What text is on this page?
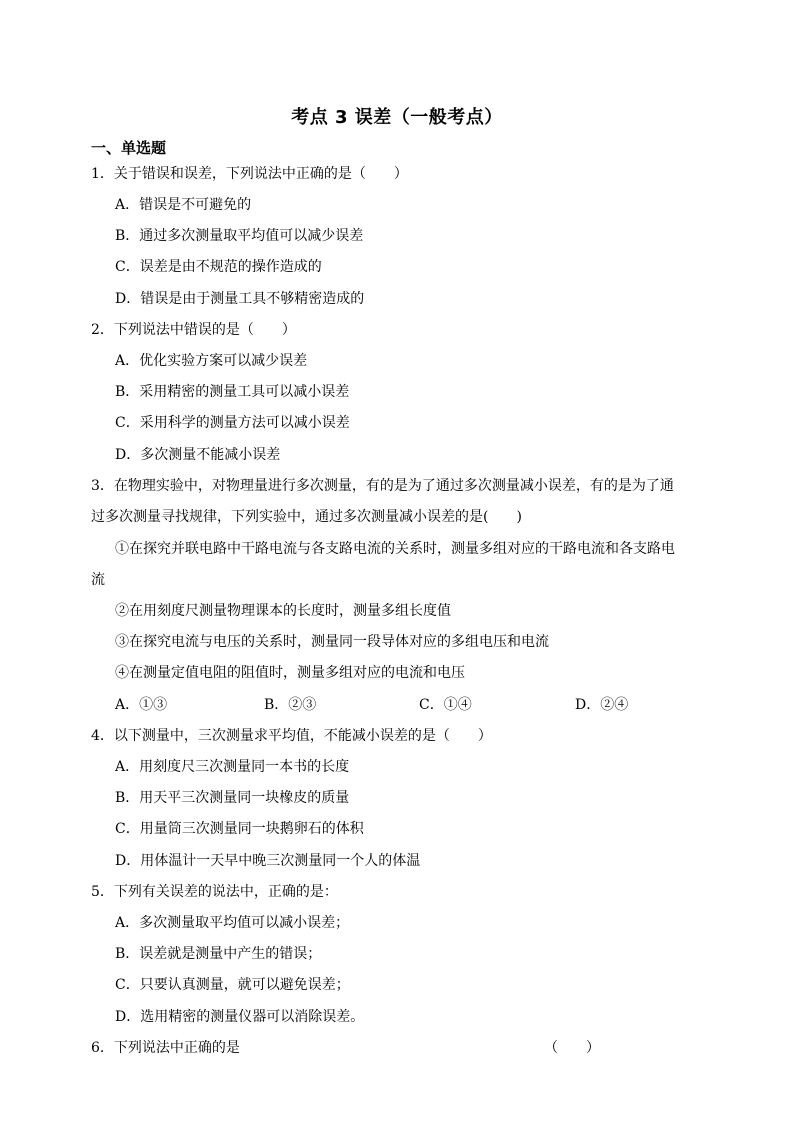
考点 3 误差（一般考点）
一、单选题
1．关于错误和误差，下列说法中正确的是（　　）
A．错误是不可避免的
B．通过多次测量取平均值可以减少误差
C．误差是由不规范的操作造成的
D．错误是由于测量工具不够精密造成的
2．下列说法中错误的是（　　）
A．优化实验方案可以减少误差
B．采用精密的测量工具可以减小误差
C．采用科学的测量方法可以减小误差
D．多次测量不能减小误差
3．在物理实验中，对物理量进行多次测量，有的是为了通过多次测量减小误差，有的是为了通
过多次测量寻找规律，下列实验中，通过多次测量减小误差的是(　　)
①在探究并联电路中干路电流与各支路电流的关系时，测量多组对应的干路电流和各支路电
流
②在用刻度尺测量物理课本的长度时，测量多组长度值
③在探究电流与电压的关系时，测量同一段导体对应的多组电压和电流
④在测量定值电阻的阻值时，测量多组对应的电流和电压
A．①③	B．②③	C．①④	D．②④
4．以下测量中，三次测量求平均值，不能减小误差的是（　　）
A．用刻度尺三次测量同一本书的长度
B．用天平三次测量同一块橡皮的质量
C．用量筒三次测量同一块鹅卵石的体积
D．用体温计一天早中晚三次测量同一个人的体温
5．下列有关误差的说法中，正确的是：
A．多次测量取平均值可以减小误差；
B．误差就是测量中产生的错误；
C．只要认真测量，就可以避免误差；
D．选用精密的测量仪器可以消除误差。
6．下列说法中正确的是	（　　）
